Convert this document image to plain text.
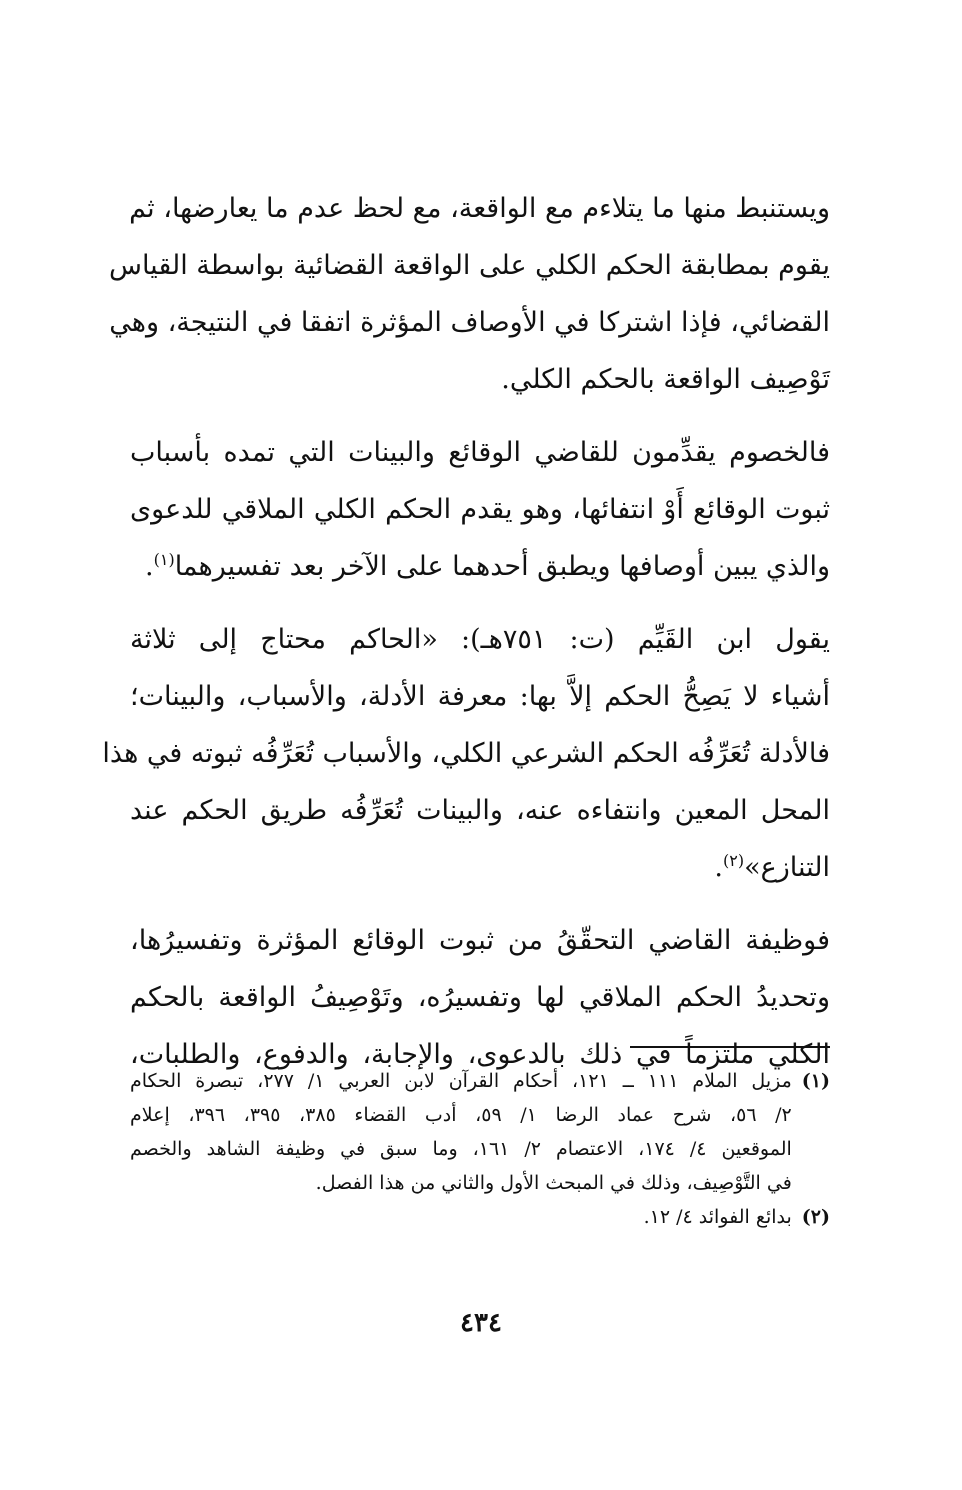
ويستنبط منها ما يتلاءم مع الواقعة، مع لحظ عدم ما يعارضها، ثم
يقوم بمطابقة الحكم الكلي على الواقعة القضائية بواسطة القياس
القضائي، فإذا اشتركا في الأوصاف المؤثرة اتفقا في النتيجة، وهي
تَوْصِيف الواقعة بالحكم الكلي.
فالخصوم يقدِّمون للقاضي الوقائع والبينات التي تمده بأسباب
ثبوت الوقائع أَوْ انتفائها، وهو يقدم الحكم الكلي الملاقي للدعوى
والذي يبين أوصافها ويطبق أحدهما على الآخر بعد تفسيرهما$^{(١)}$.
يقول ابن القَيِّم (ت: ٧٥١هـ): «الحاكم محتاج إلى ثلاثة
أشياء لا يَصِحُّ الحكم إلاَّ بها: معرفة الأدلة، والأسباب، والبينات؛
فالأدلة تُعَرِّفُه الحكم الشرعي الكلي، والأسباب تُعَرِّفُه ثبوته في هذا
المحل المعين وانتفاءه عنه، والبينات تُعَرِّفُه طريق الحكم عند
التنازع»$^{(٢)}$.
فوظيفة القاضي التحقّقُ من ثبوت الوقائع المؤثرة وتفسيرُها،
وتحديدُ الحكم الملاقي لها وتفسيرُه، وتَوْصِيفُ الواقعة بالحكم
الكلي ملتزماً في ذلك بالدعوى، والإجابة، والدفوع، والطلبات،
(١)
مزيل الملام ١١١ ــ ١٢١، أحكام القرآن لابن العربي ١/ ٢٧٧، تبصرة الحكام
٢/ ٥٦، شرح عماد الرضا ١/ ٥٩، أدب القضاء ٣٨٥، ٣٩٥، ٣٩٦، إعلام
الموقعين ٤/ ١٧٤، الاعتصام ٢/ ١٦١، وما سبق في وظيفة الشاهد والخصم
في التَّوْصِيف، وذلك في المبحث الأول والثاني من هذا الفصل.
(٢)
بدائع الفوائد ٤/ ١٢.
٤٣٤
